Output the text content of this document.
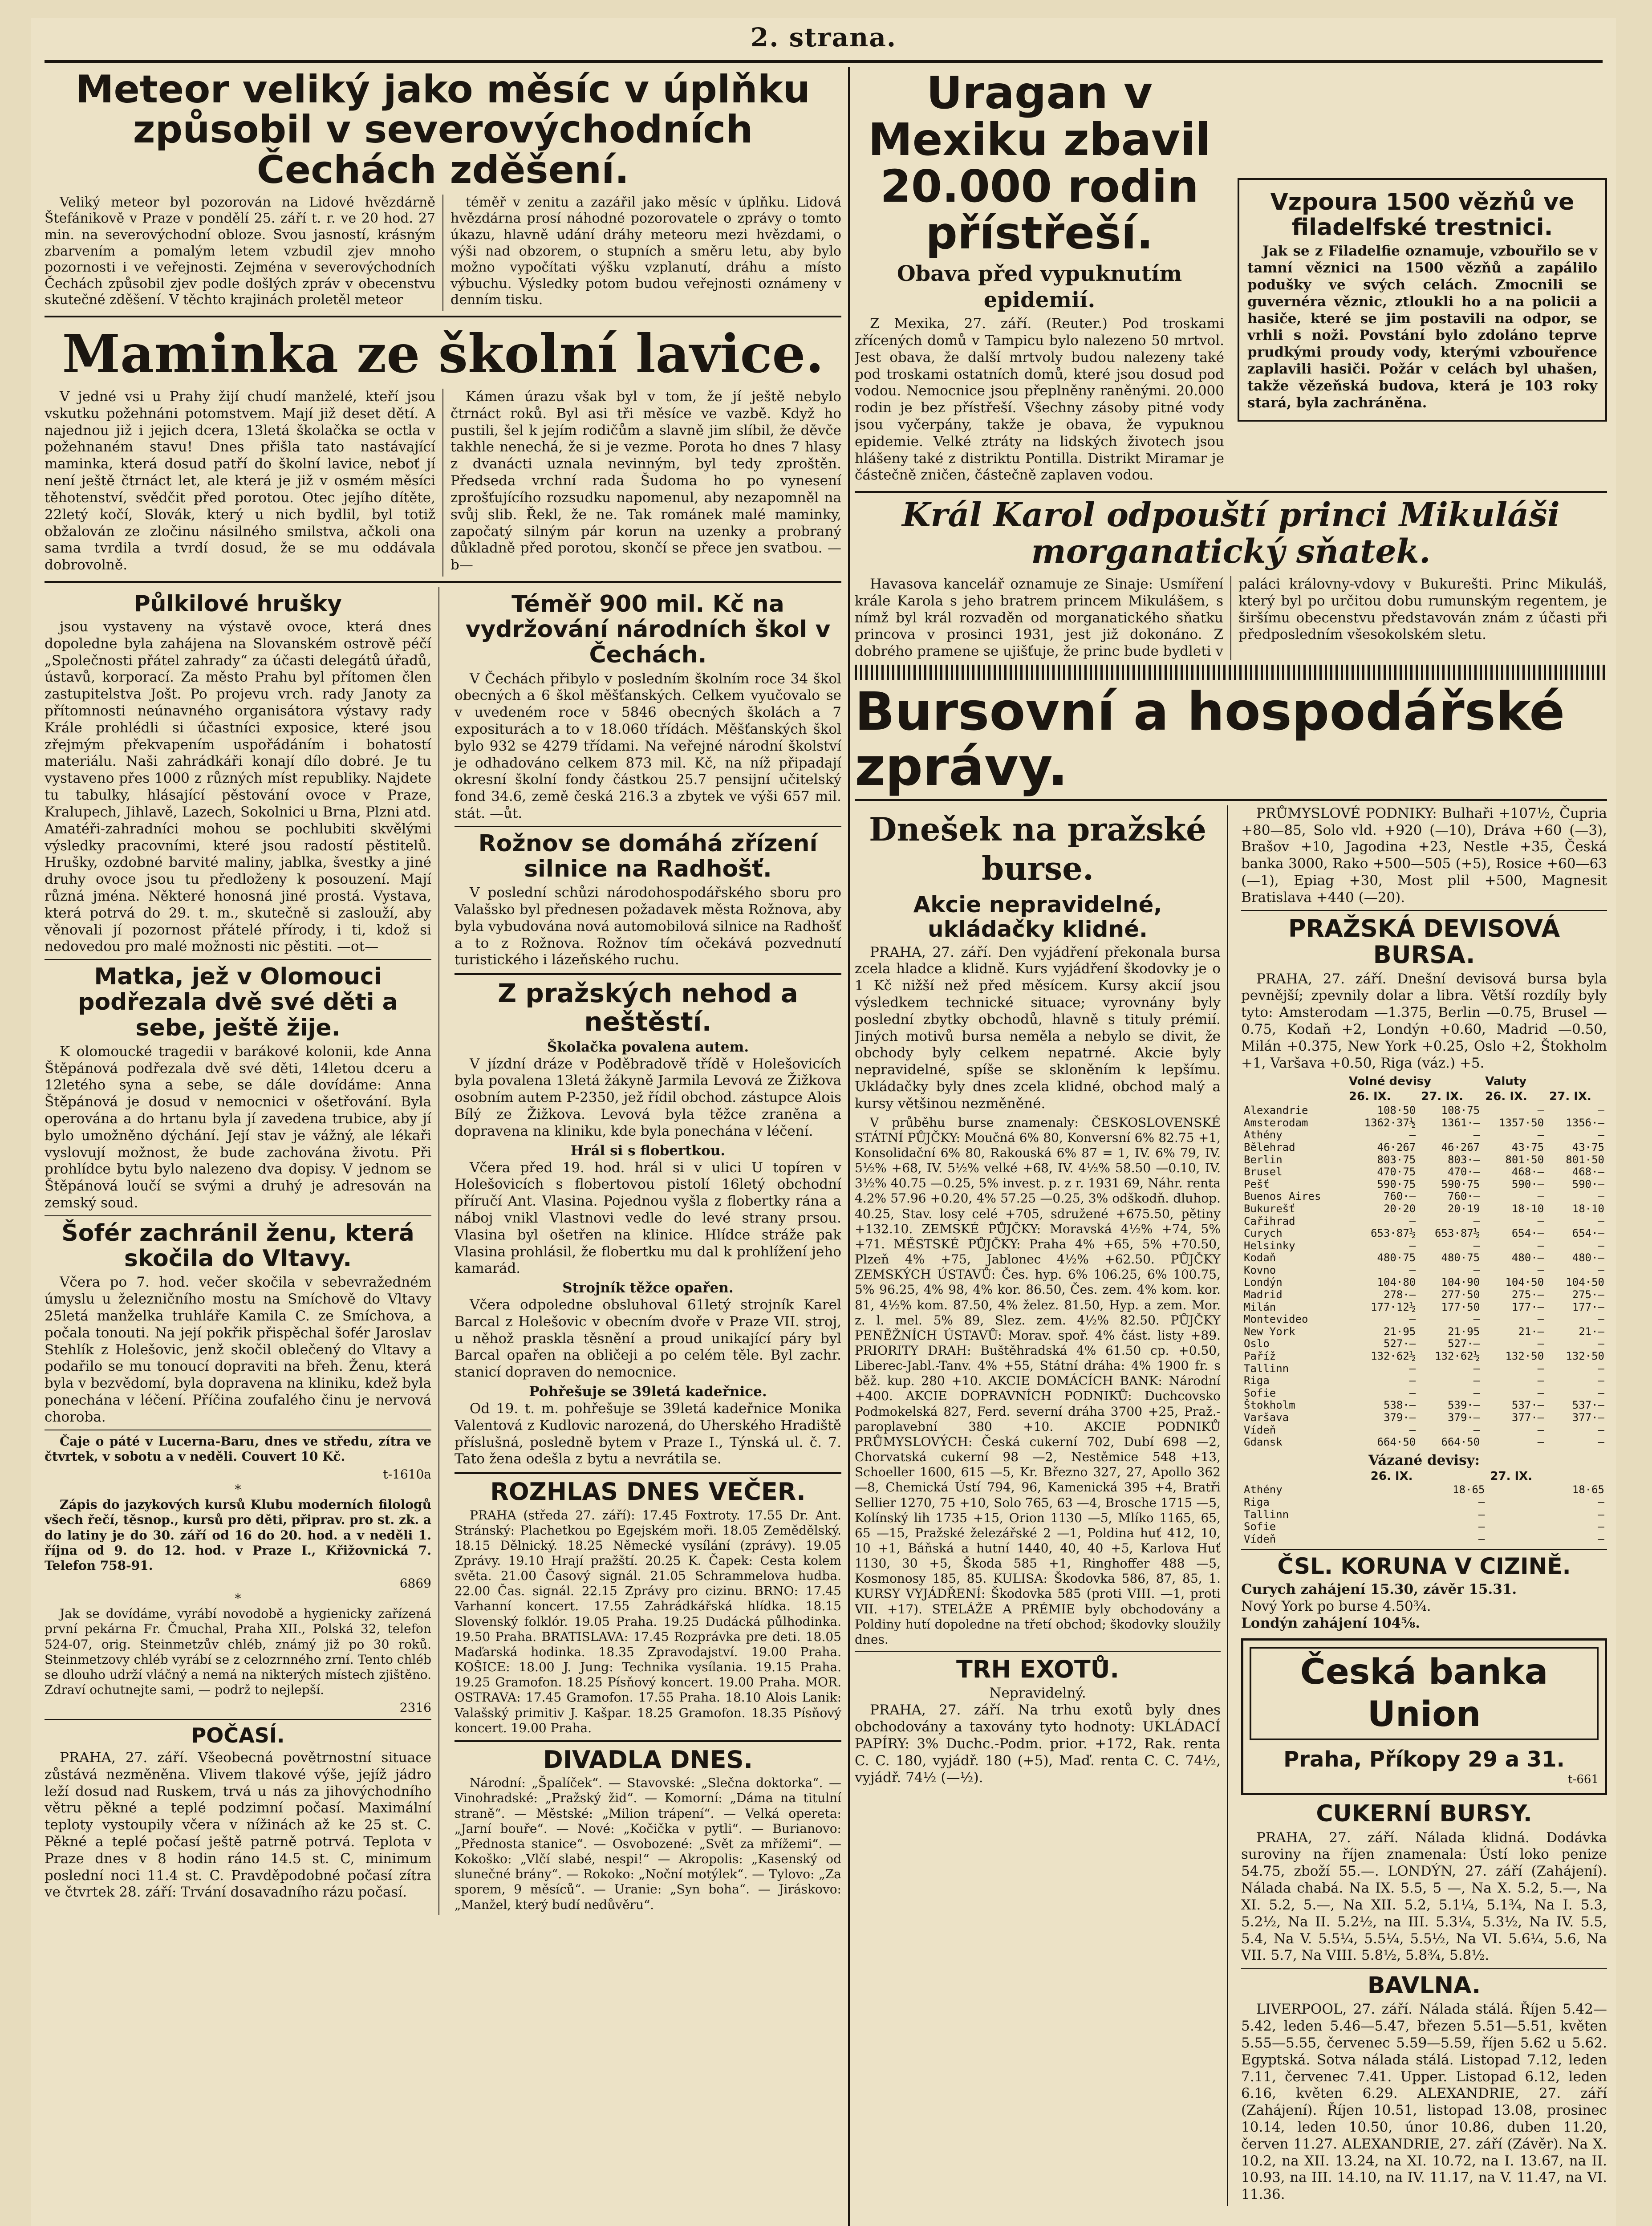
2. strana.
Meteor veliký jako měsíc v úplňku způsobil v severovýchodních Čechách zděšení.

Veliký meteor byl pozorován na Lidové hvězdárně Štefánikově v Praze v pondělí 25. září t. r. ve 20 hod. 27 min. na severovýchodní obloze. Svou jasností, krásným zbarvením a pomalým letem vzbudil zjev mnoho pozornosti i ve veřejnosti. Zejména v severovýchodních Čechách způsobil zjev podle došlých zpráv v obecenstvu skutečné zděšení. V těchto krajinách proletěl meteor

téměř v zenitu a zazářil jako měsíc v úplňku. Lidová hvězdárna prosí náhodné pozorovatele o zprávy o tomto úkazu, hlavně udání dráhy meteoru mezi hvězdami, o výši nad obzorem, o stupních a směru letu, aby bylo možno vypočítati výšku vzplanutí, dráhu a místo výbuchu. Výsledky potom budou veřejnosti oznámeny v denním tisku.

Maminka ze školní lavice.

V jedné vsi u Prahy žijí chudí manželé, kteří jsou vskutku požehnáni potomstvem. Mají již deset dětí. A najednou již i jejich dcera, 13letá školačka se octla v požehnaném stavu! Dnes přišla tato nastávající maminka, která dosud patří do školní lavice, neboť jí není ještě čtrnáct let, ale která je již v osmém měsíci těhotenství, svědčit před porotou. Otec jejího dítěte, 22letý kočí, Slovák, který u nich bydlil, byl totiž obžalován ze zločinu násilného smilstva, ačkoli ona sama tvrdila a tvrdí dosud, že se mu oddávala dobrovolně.

Kámen úrazu však byl v tom, že jí ještě nebylo čtrnáct roků. Byl asi tři měsíce ve vazbě. Když ho pustili, šel k jejím rodičům a slavně jim slíbil, že děvče takhle nenechá, že si je vezme. Porota ho dnes 7 hlasy z dvanácti uznala nevinným, byl tedy zproštěn. Předseda vrchní rada Šudoma ho po vynesení zprošťujícího rozsudku napomenul, aby nezapomněl na svůj slib. Řekl, že ne. Tak románek malé maminky, započatý silným pár korun na uzenky a probraný důkladně před porotou, skončí se přece jen svatbou. —b—

Půlkilové hrušky

jsou vystaveny na výstavě ovoce, která dnes dopoledne byla zahájena na Slovanském ostrově péčí „Společnosti přátel zahrady“ za účasti delegátů úřadů, ústavů, korporací. Za město Prahu byl přítomen člen zastupitelstva Jošt. Po projevu vrch. rady Janoty za přítomnosti neúnavného organisátora výstavy rady Krále prohlédli si účastníci exposice, které jsou zřejmým překvapením uspořádáním i bohatostí materiálu. Naši zahrádkáři konají dílo dobré. Je tu vystaveno přes 1000 z různých míst republiky. Najdete tu tabulky, hlásající pěstování ovoce v Praze, Kralupech, Jihlavě, Lazech, Sokolnici u Brna, Plzni atd. Amatéři-zahradníci mohou se pochlubiti skvělými výsledky pracovními, které jsou radostí pěstitelů. Hrušky, ozdobné barvité maliny, jablka, švestky a jiné druhy ovoce jsou tu předloženy k posouzení. Mají různá jména. Některé honosná jiné prostá. Vystava, která potrvá do 29. t. m., skutečně si zaslouží, aby věnovali jí pozornost přátelé přírody, i ti, kdož si nedovedou pro malé možnosti nic pěstiti. —ot—

Matka, jež v Olomouci podřezala dvě své děti a sebe, ještě žije.

K olomoucké tragedii v barákové kolonii, kde Anna Štěpánová podřezala dvě své děti, 14letou dceru a 12letého syna a sebe, se dále dovídáme: Anna Štěpánová je dosud v nemocnici v ošetřování. Byla operována a do hrtanu byla jí zavedena trubice, aby jí bylo umožněno dýchání. Její stav je vážný, ale lékaři vyslovují možnost, že bude zachována životu. Při prohlídce bytu bylo nalezeno dva dopisy. V jednom se Štěpánová loučí se svými a druhý je adresován na zemský soud.

Šofér zachránil ženu, která skočila do Vltavy.

Včera po 7. hod. večer skočila v sebevražedném úmyslu u železničního mostu na Smíchově do Vltavy 25letá manželka truhláře Kamila C. ze Smíchova, a počala tonouti. Na její pokřik přispěchal šofér Jaroslav Stehlík z Holešovic, jenž skočil oblečený do Vltavy a podařilo se mu tonoucí dopraviti na břeh. Ženu, která byla v bezvědomí, byla dopravena na kliniku, kdež byla ponechána v léčení. Příčina zoufalého činu je nervová choroba.

Čaje o páté v Lucerna-Baru, dnes ve středu, zítra ve čtvrtek, v sobotu a v neděli. Couvert 10 Kč.

t-1610a
*

Zápis do jazykových kursů Klubu moderních filologů všech řečí, těsnop., kursů pro děti, připrav. pro st. zk. a do latiny je do 30. září od 16 do 20. hod. a v neděli 1. října od 9. do 12. hod. v Praze I., Křižovnická 7. Telefon 758-91.

6869
*

Jak se dovídáme, vyrábí novodobě a hygienicky zařízená první pekárna Fr. Čmuchal, Praha XII., Polská 32, telefon 524-07, orig. Steinmetzův chléb, známý již po 30 roků. Steinmetzovy chléb vyrábí se z celozrnného zrní. Tento chléb se dlouho udrží vláčný a nemá na nikterých místech zjištěno. Zdraví ochutnejte sami, — podrž to nejlepší.

2316
POČASÍ.

PRAHA, 27. září. Všeobecná povětrnostní situace zůstává nezměněna. Vlivem tlakové výše, jejíž jádro leží dosud nad Ruskem, trvá u nás za jihovýchodního větru pěkné a teplé podzimní počasí. Maximální teploty vystoupily včera v nížinách až ke 25 st. C. Pěkné a teplé počasí ještě patrně potrvá. Teplota v Praze dnes v 8 hodin ráno 14.5 st. C, minimum poslední noci 11.4 st. C. Pravděpodobné počasí zítra ve čtvrtek 28. září: Trvání dosavadního rázu počasí.

Téměř 900 mil. Kč na vydržování národních škol v Čechách.

V Čechách přibylo v posledním školním roce 34 škol obecných a 6 škol měšťanských. Celkem vyučovalo se v uvedeném roce v 5846 obecných školách a 7 expositurách a to v 18.060 třídách. Měšťanských škol bylo 932 se 4279 třídami. Na veřejné národní školství je odhadováno celkem 873 mil. Kč, na níž připadají okresní školní fondy částkou 25.7 pensijní učitelský fond 34.6, země česká 216.3 a zbytek ve výši 657 mil. stát. —ůt.

Rožnov se domáhá zřízení silnice na Radhošť.

V poslední schůzi národohospodářského sboru pro Valašsko byl přednesen požadavek města Rožnova, aby byla vybudována nová automobilová silnice na Radhošť a to z Rožnova. Rožnov tím očekává pozvednutí turistického i lázeňského ruchu.

Z pražských nehod a neštěstí.
Školačka povalena autem.

V jízdní dráze v Poděbradově třídě v Holešovicích byla povalena 13letá žákyně Jarmila Levová ze Žižkova osobním autem P-2350, jež řídil obchod. zástupce Alois Bílý ze Žižkova. Levová byla těžce zraněna a dopravena na kliniku, kde byla ponechána v léčení.

Hrál si s flobertkou.

Včera před 19. hod. hrál si v ulici U topíren v Holešovicích s flobertovou pistolí 16letý obchodní příručí Ant. Vlasina. Pojednou vyšla z flobertky rána a náboj vnikl Vlastnovi vedle do levé strany prsou. Vlasina byl ošetřen na klinice. Hlídce stráže pak Vlasina prohlásil, že flobertku mu dal k prohlížení jeho kamarád.

Strojník těžce opařen.

Včera odpoledne obsluhoval 61letý strojník Karel Barcal z Holešovic v obecním dvoře v Praze VII. stroj, u něhož praskla těsnění a proud unikající páry byl Barcal opařen na obličeji a po celém těle. Byl zachr. stanicí dopraven do nemocnice.

Pohřešuje se 39letá kadeřnice.

Od 19. t. m. pohřešuje se 39letá kadeřnice Monika Valentová z Kudlovic narozená, do Uherského Hradiště příslušná, posledně bytem v Praze I., Týnská ul. č. 7. Tato žena odešla z bytu a nevrátila se.

ROZHLAS DNES VEČER.

PRAHA (středa 27. září): 17.45 Foxtroty. 17.55 Dr. Ant. Stránský: Plachetkou po Egejském moři. 18.05 Zemědělský. 18.15 Dělnický. 18.25 Německé vysílání (zprávy). 19.05 Zprávy. 19.10 Hrají pražští. 20.25 K. Čapek: Cesta kolem světa. 21.00 Časový signál. 21.05 Schrammelova hudba. 22.00 Čas. signál. 22.15 Zprávy pro cizinu. BRNO: 17.45 Varhanní koncert. 17.55 Zahrádkářská hlídka. 18.15 Slovenský folklór. 19.05 Praha. 19.25 Dudácká půlhodinka. 19.50 Praha. BRATISLAVA: 17.45 Rozprávka pre deti. 18.05 Maďarská hodinka. 18.35 Zpravodajství. 19.00 Praha. KOŠICE: 18.00 J. Jung: Technika vysílania. 19.15 Praha. 19.25 Gramofon. 18.25 Písňový koncert. 19.00 Praha. MOR. OSTRAVA: 17.45 Gramofon. 17.55 Praha. 18.10 Alois Lanik: Valašský primitiv J. Kašpar. 18.25 Gramofon. 18.35 Písňový koncert. 19.00 Praha.

DIVADLA DNES.

Národní: „Špalíček“. — Stavovské: „Slečna doktorka“. — Vinohradské: „Pražský žid“. — Komorní: „Dáma na titulní straně“. — Městské: „Milion trápení“. — Velká opereta: „Jarní bouře“. — Nové: „Kočička v pytli“. — Burianovo: „Přednosta stanice“. — Osvobozené: „Svět za mřížemi“. — Kokoško: „Vlčí slabé, nespi!“ — Akropolis: „Kasenský od slunečné brány“. — Rokoko: „Noční motýlek“. — Tylovo: „Za sporem, 9 měsíců“. — Uranie: „Syn boha“. — Jiráskovo: „Manžel, který budí nedůvěru“.

Uragan v Mexiku zbavil 20.000 rodin přístřeší.
Obava před vypuknutím epidemií.

Z Mexika, 27. září. (Reuter.) Pod troskami zřícených domů v Tampicu bylo nalezeno 50 mrtvol. Jest obava, že další mrtvoly budou nalezeny také pod troskami ostatních domů, které jsou dosud pod vodou. Nemocnice jsou přeplněny raněnými. 20.000 rodin je bez přístřeší. Všechny zásoby pitné vody jsou vyčerpány, takže je obava, že vypuknou epidemie. Velké ztráty na lidských životech jsou hlášeny také z distriktu Pontilla. Distrikt Miramar je částečně zničen, částečně zaplaven vodou.

Vzpoura 1500 vězňů ve filadelfské trestnici.

Jak se z Filadelfie oznamuje, vzbouřilo se v tamní věznici na 1500 vězňů a zapálilo podušky ve svých celách. Zmocnili se guvernéra věznic, ztloukli ho a na policii a hasiče, které se jim postavili na odpor, se vrhli s noži. Povstání bylo zdoláno teprve prudkými proudy vody, kterými vzbouřence zaplavili hasiči. Požár v celách byl uhašen, takže vězeňská budova, která je 103 roky stará, byla zachráněna.

Král Karol odpouští princi Mikuláši morganatický sňatek.

Havasova kancelář oznamuje ze Sinaje: Usmíření krále Karola s jeho bratrem princem Mikulášem, s nímž byl král rozvaděn od morganatického sňatku princova v prosinci 1931, jest již dokonáno. Z dobrého pramene se ujišťuje, že princ bude bydleti v paláci královny-vdovy v Bukurešti. Princ Mikuláš, který byl po určitou dobu rumunským regentem, je širšímu obecenstvu představován znám z účasti při předposledním všesokolském sletu.

Bursovní a hospodářské zprávy.
Dnešek na pražské burse.
Akcie nepravidelné, ukládačky klidné.

PRAHA, 27. září. Den vyjádření překonala bursa zcela hladce a klidně. Kurs vyjádření škodovky je o 1 Kč nižší než před měsícem. Kursy akcií jsou výsledkem technické situace; vyrovnány byly poslední zbytky obchodů, hlavně s tituly prémií. Jiných motivů bursa neměla a nebylo se divit, že obchody byly celkem nepatrné. Akcie byly nepravidelné, spíše se skloněním k lepšímu. Ukládačky byly dnes zcela klidné, obchod malý a kursy většinou nezměněné.

V průběhu burse znamenaly: ČESKOSLOVENSKÉ STÁTNÍ PŮJČKY: Moučná 6% 80, Konversní 6% 82.75 +1, Konsolidační 6% 80, Rakouská 6% 87 = 1, IV. 6% 79, IV. 5½% +68, IV. 5½% velké +68, IV. 4½% 58.50 —0.10, IV. 3½% 40.75 —0.25, 5% invest. p. z r. 1931 69, Náhr. renta 4.2% 57.96 +0.20, 4% 57.25 —0.25, 3% odškodň. dluhop. 40.25, Stav. losy celé +705, sdružené +675.50, pětiny +132.10. ZEMSKÉ PŮJČKY: Moravská 4½% +74, 5% +71. MĚSTSKÉ PŮJČKY: Praha 4% +65, 5% +70.50, Plzeň 4% +75, Jablonec 4½% +62.50. PŮJČKY ZEMSKÝCH ÚSTAVŮ: Čes. hyp. 6% 106.25, 6% 100.75, 5% 96.25, 4% 98, 4% kor. 86.50, Čes. zem. 4% kom. kor. 81, 4½% kom. 87.50, 4% želez. 81.50, Hyp. a zem. Mor. z. l. mel. 5% 89, Slez. zem. 4½% 82.50. PŮJČKY PENĚŽNÍCH ÚSTAVŮ: Morav. spoř. 4% část. listy +89. PRIORITY DRAH: Buštěhradská 4% 61.50 cp. +0.50, Liberec-Jabl.-Tanv. 4% +55, Státní dráha: 4% 1900 fr. s běž. kup. 280 +10. AKCIE DOMÁCÍCH BANK: Národní +400. AKCIE DOPRAVNÍCH PODNIKŮ: Duchcovsko Podmokelská 827, Ferd. severní dráha 3700 +25, Praž.-paroplavební 380 +10. AKCIE PODNIKŮ PRŮMYSLOVÝCH: Česká cukerní 702, Dubí 698 —2, Chorvatská cukerní 98 —2, Nestěmice 548 +13, Schoeller 1600, 615 —5, Kr. Březno 327, 27, Apollo 362 —8, Chemická Ústí 794, 96, Kamenická 395 +4, Bratři Sellier 1270, 75 +10, Solo 765, 63 —4, Brosche 1715 —5, Kolínský lih 1735 +15, Orion 1130 —5, Mlíko 1165, 65, 65 —15, Pražské železářské 2 —1, Poldina huť 412, 10, 10 +1, Báňská a hutní 1440, 40, 40 +5, Karlova Huť 1130, 30 +5, Škoda 585 +1, Ringhoffer 488 —5, Kosmonosy 185, 85. KULISA: Škodovka 586, 87, 85, 1. KURSY VYJÁDŘENÍ: Škodovka 585 (proti VIII. —1, proti VII. +17). STELÁŽE A PRÉMIE byly obchodovány a Poldiny hutí dopoledne na třetí obchod; škodovky sloužily dnes.

TRH EXOTŮ.
Nepravidelný.

PRAHA, 27. září. Na trhu exotů byly dnes obchodovány a taxovány tyto hodnoty: UKLÁDACÍ PAPÍRY: 3% Duchc.-Podm. prior. +172, Rak. renta C. C. 180, vyjádř. 180 (+5), Maď. renta C. C. 74½, vyjádř. 74½ (—½).

PRŮMYSLOVÉ PODNIKY: Bulhaři +107½, Čupria +80—85, Solo vld. +920 (—10), Dráva +60 (—3), Brašov +10, Jagodina +23, Nestle +35, Česká banka 3000, Rako +500—505 (+5), Rosice +60—63 (—1), Epiag +30, Most plil +500, Magnesit Bratislava +440 (—20).

PRAŽSKÁ DEVISOVÁ BURSA.

PRAHA, 27. září. Dnešní devisová bursa byla pevnější; zpevnily dolar a libra. Větší rozdíly byly tyto: Amsterodam —1.375, Berlin —0.75, Brusel —0.75, Kodaň +2, Londýn +0.60, Madrid —0.50, Milán +0.375, New York +0.25, Oslo +2, Štokholm +1, Varšava +0.50, Riga (váz.) +5.

	Volné devisy		Valuty	
	26. IX.	27. IX.	26. IX.	27. IX.
Alexandrie	108·50	108·75	—	—
Amsterodam	1362·37½	1361·—	1357·50	1356·—
Athény	—	—	—	—
Bělehrad	46·267	46·267	43·75	43·75
Berlin	803·75	803·—	801·50	801·50
Brusel	470·75	470·—	468·—	468·—
Pešť	590·75	590·75	590·—	590·—
Buenos Aires	760·—	760·—	—	—
Bukurešť	20·20	20·19	18·10	18·10
Cařihrad	—	—	—	—
Curych	653·87½	653·87½	654·—	654·—
Helsinky	—	—	—	—
Kodaň	480·75	480·75	480·—	480·—
Kovno	—	—	—	—
Londýn	104·80	104·90	104·50	104·50
Madrid	278·—	277·50	275·—	275·—
Milán	177·12½	177·50	177·—	177·—
Montevideo	—	—	—	—
New York	21·95	21·95	21·—	21·—
Oslo	527·—	527·—	—	—
Paříž	132·62½	132·62½	132·50	132·50
Tallinn	—	—	—	—
Riga	—	—	—	—
Sofie	—	—	—	—
Štokholm	538·—	539·—	537·—	537·—
Varšava	379·—	379·—	377·—	377·—
Vídeň	—	—	—	—
Gdansk	664·50	664·50	—	—
Vázané devisy:
	26. IX.	27. IX.
Athény	18·65	18·65
Riga	—	—
Tallinn	—	—
Sofie	—	—
Vídeň	—	—
ČSL. KORUNA V CIZINĚ.
Curych zahájení 15.30, závěr 15.31.
Nový York po burse 4.50¾.
Londýn zahájení 104⅝.
Česká banka Union
Praha, Příkopy 29 a 31.
t-661
CUKERNÍ BURSY.

PRAHA, 27. září. Nálada klidná. Dodávka suroviny na říjen znamenala: Ústí loko penize 54.75, zboží 55.—. LONDÝN, 27. září (Zahájení). Nálada chabá. Na IX. 5.5, 5 —, Na X. 5.2, 5.—, Na XI. 5.2, 5.—, Na XII. 5.2, 5.1¼, 5.1¾, Na I. 5.3, 5.2½, Na II. 5.2½, na III. 5.3¼, 5.3½, Na IV. 5.5, 5.4, Na V. 5.5¼, 5.5¼, 5.5½, Na VI. 5.6¼, 5.6, Na VII. 5.7, Na VIII. 5.8½, 5.8¾, 5.8½.

BAVLNA.

LIVERPOOL, 27. září. Nálada stálá. Říjen 5.42—5.42, leden 5.46—5.47, březen 5.51—5.51, květen 5.55—5.55, červenec 5.59—5.59, říjen 5.62 u 5.62. Egyptská. Sotva nálada stálá. Listopad 7.12, leden 7.11, červenec 7.41. Upper. Listopad 6.12, leden 6.16, květen 6.29. ALEXANDRIE, 27. září (Zahájení). Říjen 10.51, listopad 13.08, prosinec 10.14, leden 10.50, únor 10.86, duben 11.20, červen 11.27. ALEXANDRIE, 27. září (Závěr). Na X. 10.2, na XII. 13.24, na XI. 10.72, na I. 13.67, na II. 10.93, na III. 14.10, na IV. 11.17, na V. 11.47, na VI. 11.36.
